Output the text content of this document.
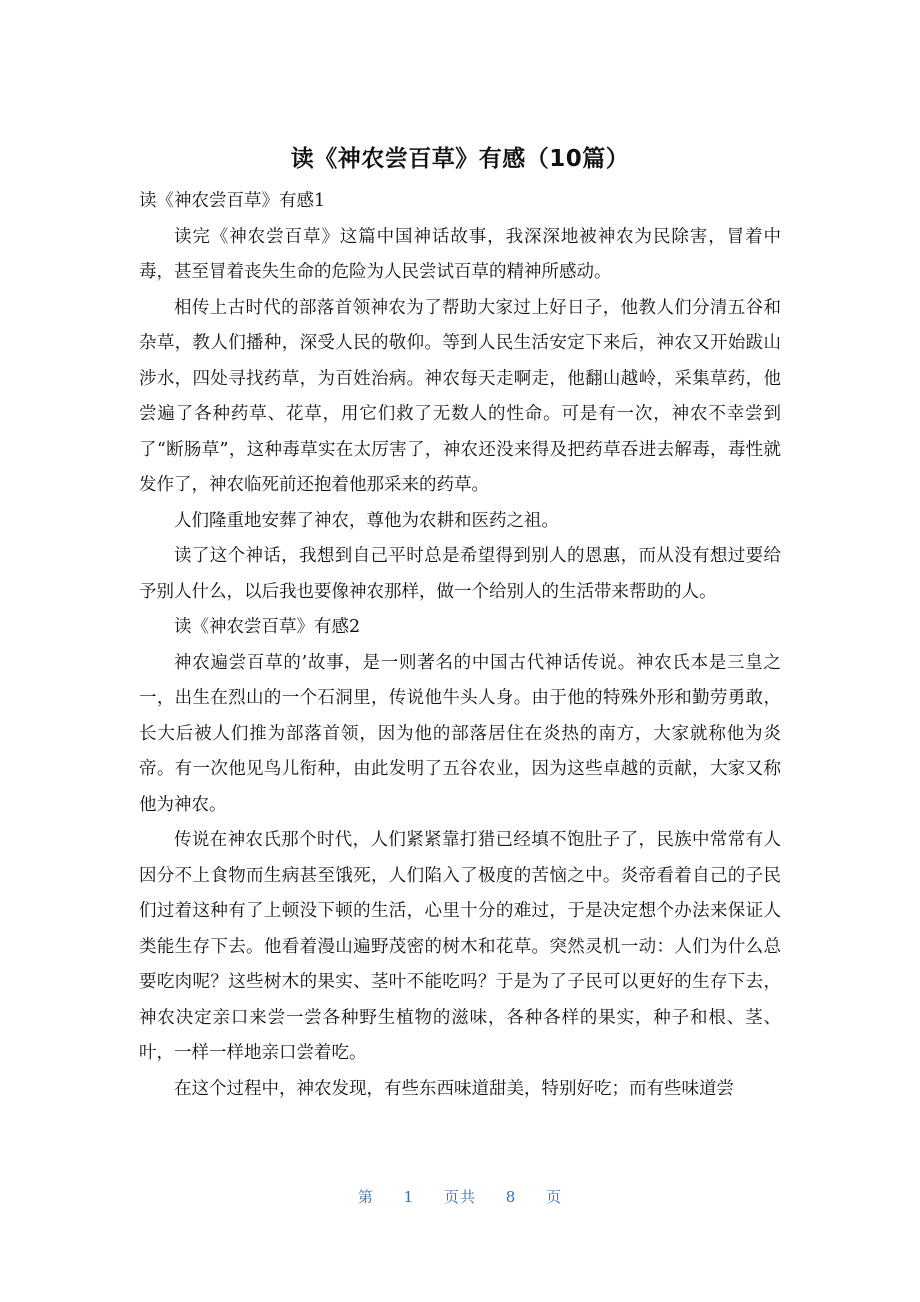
读《神农尝百草》有感（10篇）

读《神农尝百草》有感1

读完《神农尝百草》这篇中国神话故事，我深深地被神农为民除害，冒着中毒，甚至冒着丧失生命的危险为人民尝试百草的精神所感动。

相传上古时代的部落首领神农为了帮助大家过上好日子，他教人们分清五谷和杂草，教人们播种，深受人民的敬仰。等到人民生活安定下来后，神农又开始跋山涉水，四处寻找药草，为百姓治病。神农每天走啊走，他翻山越岭，采集草药，他尝遍了各种药草、花草，用它们救了无数人的性命。可是有一次，神农不幸尝到了“断肠草”，这种毒草实在太厉害了，神农还没来得及把药草吞进去解毒，毒性就发作了，神农临死前还抱着他那采来的药草。

人们隆重地安葬了神农，尊他为农耕和医药之祖。

读了这个神话，我想到自己平时总是希望得到别人的恩惠，而从没有想过要给予别人什么，以后我也要像神农那样，做一个给别人的生活带来帮助的人。

读《神农尝百草》有感2

神农遍尝百草的’故事，是一则著名的中国古代神话传说。神农氏本是三皇之一，出生在烈山的一个石洞里，传说他牛头人身。由于他的特殊外形和勤劳勇敢，长大后被人们推为部落首领，因为他的部落居住在炎热的南方，大家就称他为炎帝。有一次他见鸟儿衔种，由此发明了五谷农业，因为这些卓越的贡献，大家又称他为神农。

传说在神农氏那个时代，人们紧紧靠打猎已经填不饱肚子了，民族中常常有人因分不上食物而生病甚至饿死，人们陷入了极度的苦恼之中。炎帝看着自己的子民们过着这种有了上顿没下顿的生活，心里十分的难过，于是决定想个办法来保证人类能生存下去。他看着漫山遍野茂密的树木和花草。突然灵机一动：人们为什么总要吃肉呢？这些树木的果实、茎叶不能吃吗？于是为了子民可以更好的生存下去，神农决定亲口来尝一尝各种野生植物的滋味，各种各样的果实，种子和根、茎、叶，一样一样地亲口尝着吃。

在这个过程中，神农发现，有些东西味道甜美，特别好吃；而有些味道尝

第 1 页共 8 页
